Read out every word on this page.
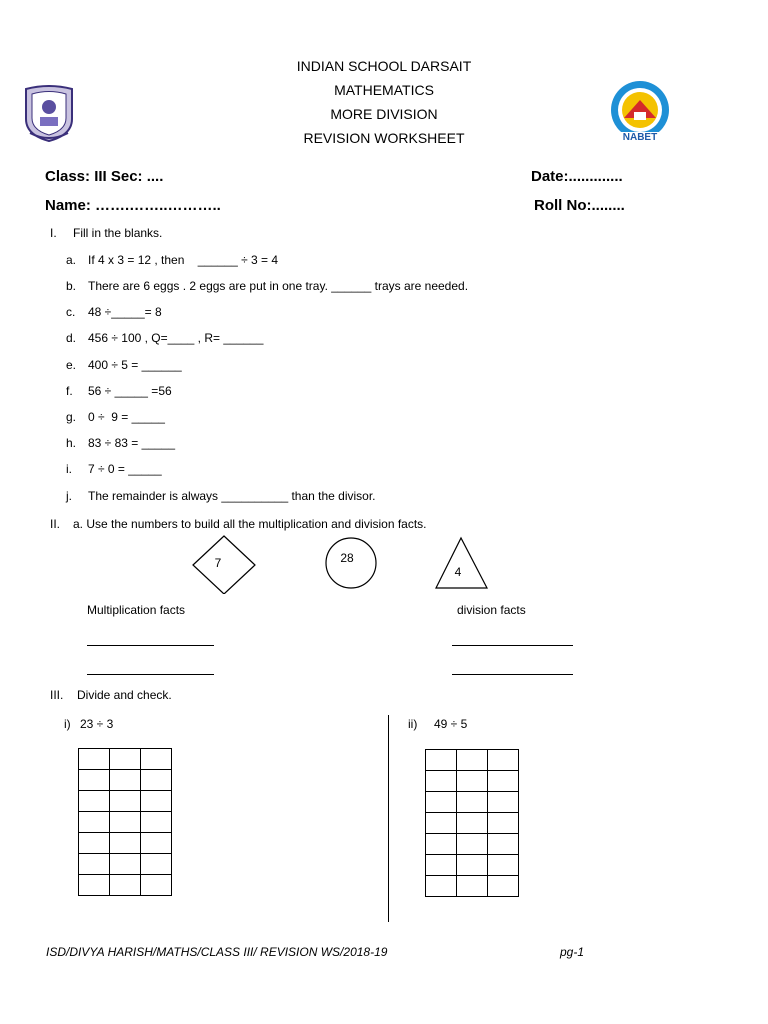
NABET
INDIAN SCHOOL DARSAIT
MATHEMATICS
MORE DIVISION
REVISION WORKSHEET
Class: III Sec: ....	Date:.............
Name: …….……..………..	Roll No:........
I. Fill in the blanks.
a. If 4 x 3 = 12 , then    ______ ÷ 3 = 4
b. There are 6 eggs . 2 eggs are put in one tray. ______ trays are needed.
c. 48 ÷_____= 8
d. 456 ÷ 100 , Q=____ , R= ______
e. 400 ÷ 5 = ______
f. 56 ÷ _____ =56
g. 0 ÷  9 = _____
h. 83 ÷ 83 = _____
i. 7 ÷ 0 = _____
j. The remainder is always __________ than the divisor.
II. a. Use the numbers to build all the multiplication and division facts.
7	28
4
Multiplication facts	division facts
III. Divide and check.
i) 23 ÷ 3	ii) 49 ÷ 5

ISD/DIVYA HARISH/MATHS/CLASS III/ REVISION WS/2018-19	pg-1
